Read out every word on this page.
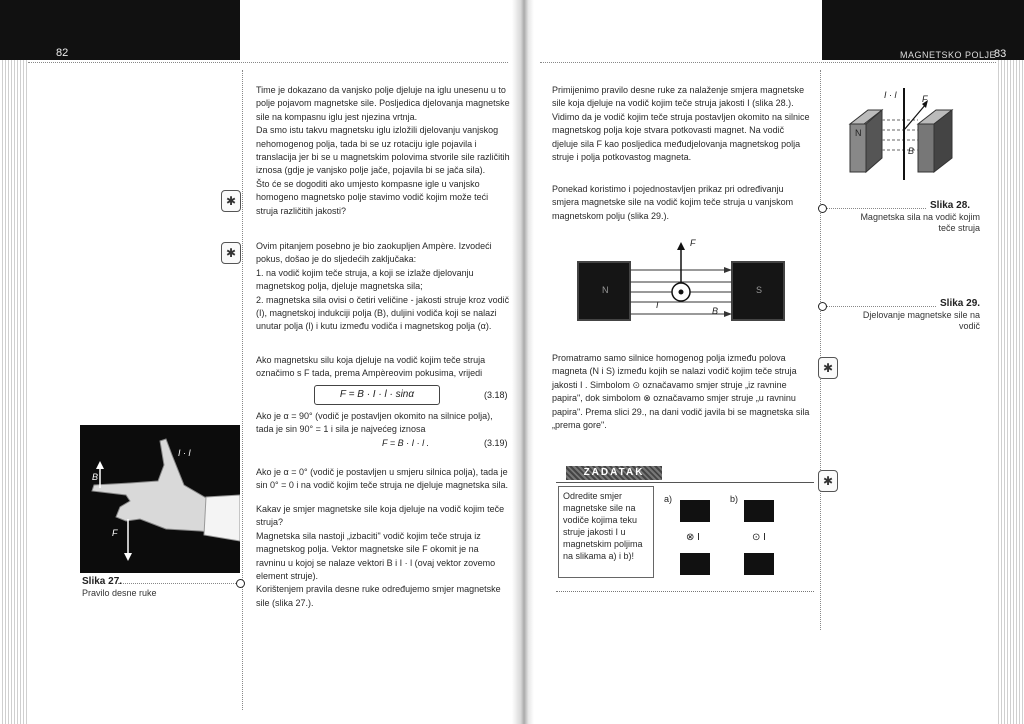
82	83
MAGNETSKO POLJE

Time je dokazano da vanjsko polje djeluje na iglu unesenu u to polje pojavom magnetske sile. Posljedica djelovanja magnetske sile na kompasnu iglu jest njezina vrtnja.

Da smo istu takvu magnetsku iglu izložili djelovanju vanjskog nehomogenog polja, tada bi se uz rotaciju igle pojavila i translacija jer bi se u magnetskim polovima stvorile sile različitih iznosa (gdje je vanjsko polje jače, pojavila bi se jača sila).

Što će se dogoditi ako umjesto kompasne igle u vanjsko homogeno magnetsko polje stavimo vodič kojim može teći struja različitih jakosti?

✱
✱	Ovim pitanjem posebno je bio zaokupljen Ampère. Izvodeći pokus, došao je do sljedećih zaključaka:

1. na vodič kojim teče struja, a koji se izlaže djelovanju magnetskog polja, djeluje magnetska sila;

2. magnetska sila ovisi o četiri veličine - jakosti struje kroz vodič (I), magnetskoj indukciji polja (B), duljini vodiča koji se nalazi unutar polja (l) i kutu između vodiča i magnetskog polja (α).

Ako magnetsku silu koja djeluje na vodič kojim teče struja označimo s F tada, prema Ampèreovim pokusima, vrijedi

F = B · I · l · sinα	(3.18)

Ako je α = 90° (vodič je postavljen okomito na silnice polja), tada je sin 90° = 1 i sila je najvećeg iznosa

F = B · I · l .	(3.19)

Ako je α = 0° (vodič je postavljen u smjeru silnica polja), tada je sin 0° = 0 i na vodič kojim teče struja ne djeluje magnetska sila.

Kakav je smjer magnetske sile koja djeluje na vodič kojim teče struja?

Magnetska sila nastoji „izbaciti" vodič kojim teče struja iz magnetskog polja. Vektor magnetske sile F okomit je na ravninu u kojoj se nalaze vektori B i I · l (ovaj vektor zovemo element struje).

Korištenjem pravila desne ruke određujemo smjer magnetske sile (slika 27.).

B
F
I · l
Slika 27.
Pravilo desne ruke

Primijenimo pravilo desne ruke za nalaženje smjera magnetske sile koja djeluje na vodič kojim teče struja jakosti I (slika 28.). Vidimo da je vodič kojim teče struja postavljen okomito na silnice magnetskog polja koje stvara potkovasti magnet. Na vodič djeluje sila F kao posljedica međudjelovanja magnetskog polja struje i polja potkovastog magneta.

Ponekad koristimo i pojednostavljen prikaz pri određivanju smjera magnetske sile na vodič kojim teče struja u vanjskom magnetskom polju (slika 29.).

I · l	F
N
B
Slika 28.
Magnetska sila na vodič kojim teče struja
F
N	S
I
B
Slika 29.
Djelovanje magnetske sile na vodič

Promatramo samo silnice homogenog polja između polova magneta (N i S) između kojih se nalazi vodič kojim teče struja jakosti I . Simbolom ⊙ označavamo smjer struje „iz ravnine papira", dok simbolom ⊗ označavamo smjer struje „u ravninu papira". Prema slici 29., na dani vodič javila bi se magnetska sila „prema gore".

✱
✱
ZADATAK

Odredite smjer magnetske sile na vodiče kojima teku struje jakosti I u magnetskim poljima na slikama a) i b)!

a)	b)
⊗ I	⊙ I
